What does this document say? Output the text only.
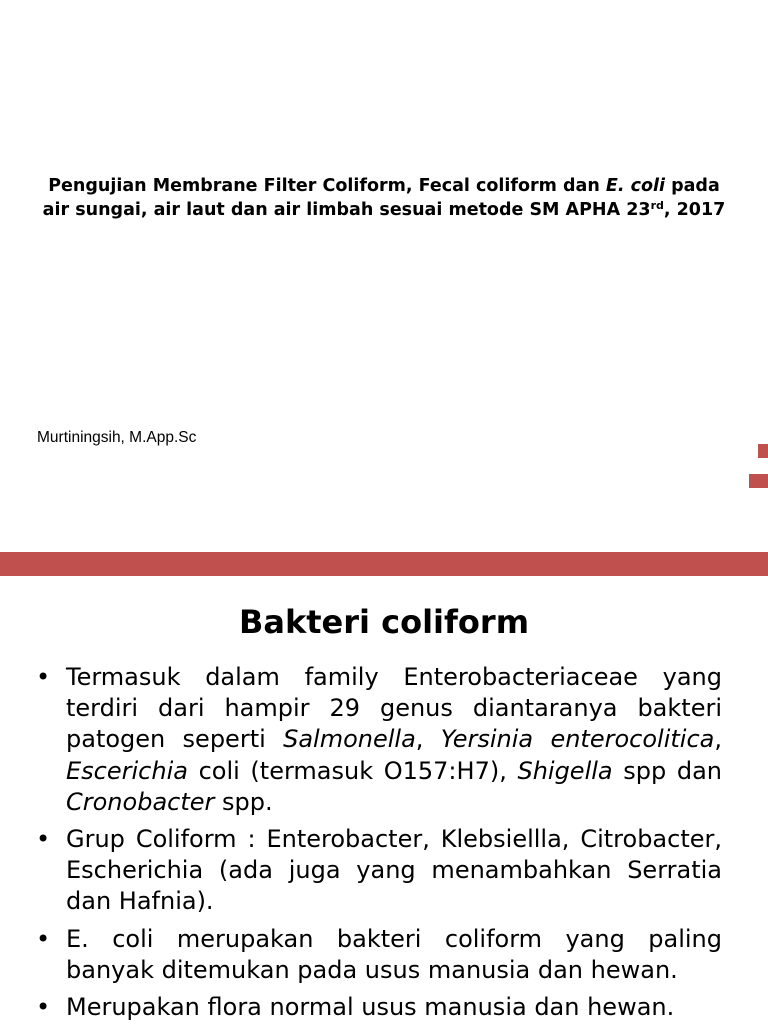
Pengujian Membrane Filter Coliform, Fecal coliform dan E. coli pada air sungai, air laut dan air limbah sesuai metode SM APHA 23rd, 2017
Murtiningsih, M.App.Sc
Bakteri coliform
• Termasuk dalam family Enterobacteriaceae yang terdiri dari hampir 29 genus diantaranya bakteri patogen seperti Salmonella, Yersinia enterocolitica, Escerichia coli (termasuk O157:H7), Shigella spp dan Cronobacter spp.
• Grup Coliform : Enterobacter, Klebsiellla, Citrobacter, Escherichia (ada juga yang menambahkan Serratia dan Hafnia).
• E. coli merupakan bakteri coliform yang paling banyak ditemukan pada usus manusia dan hewan.
• Merupakan flora normal usus manusia dan hewan.
